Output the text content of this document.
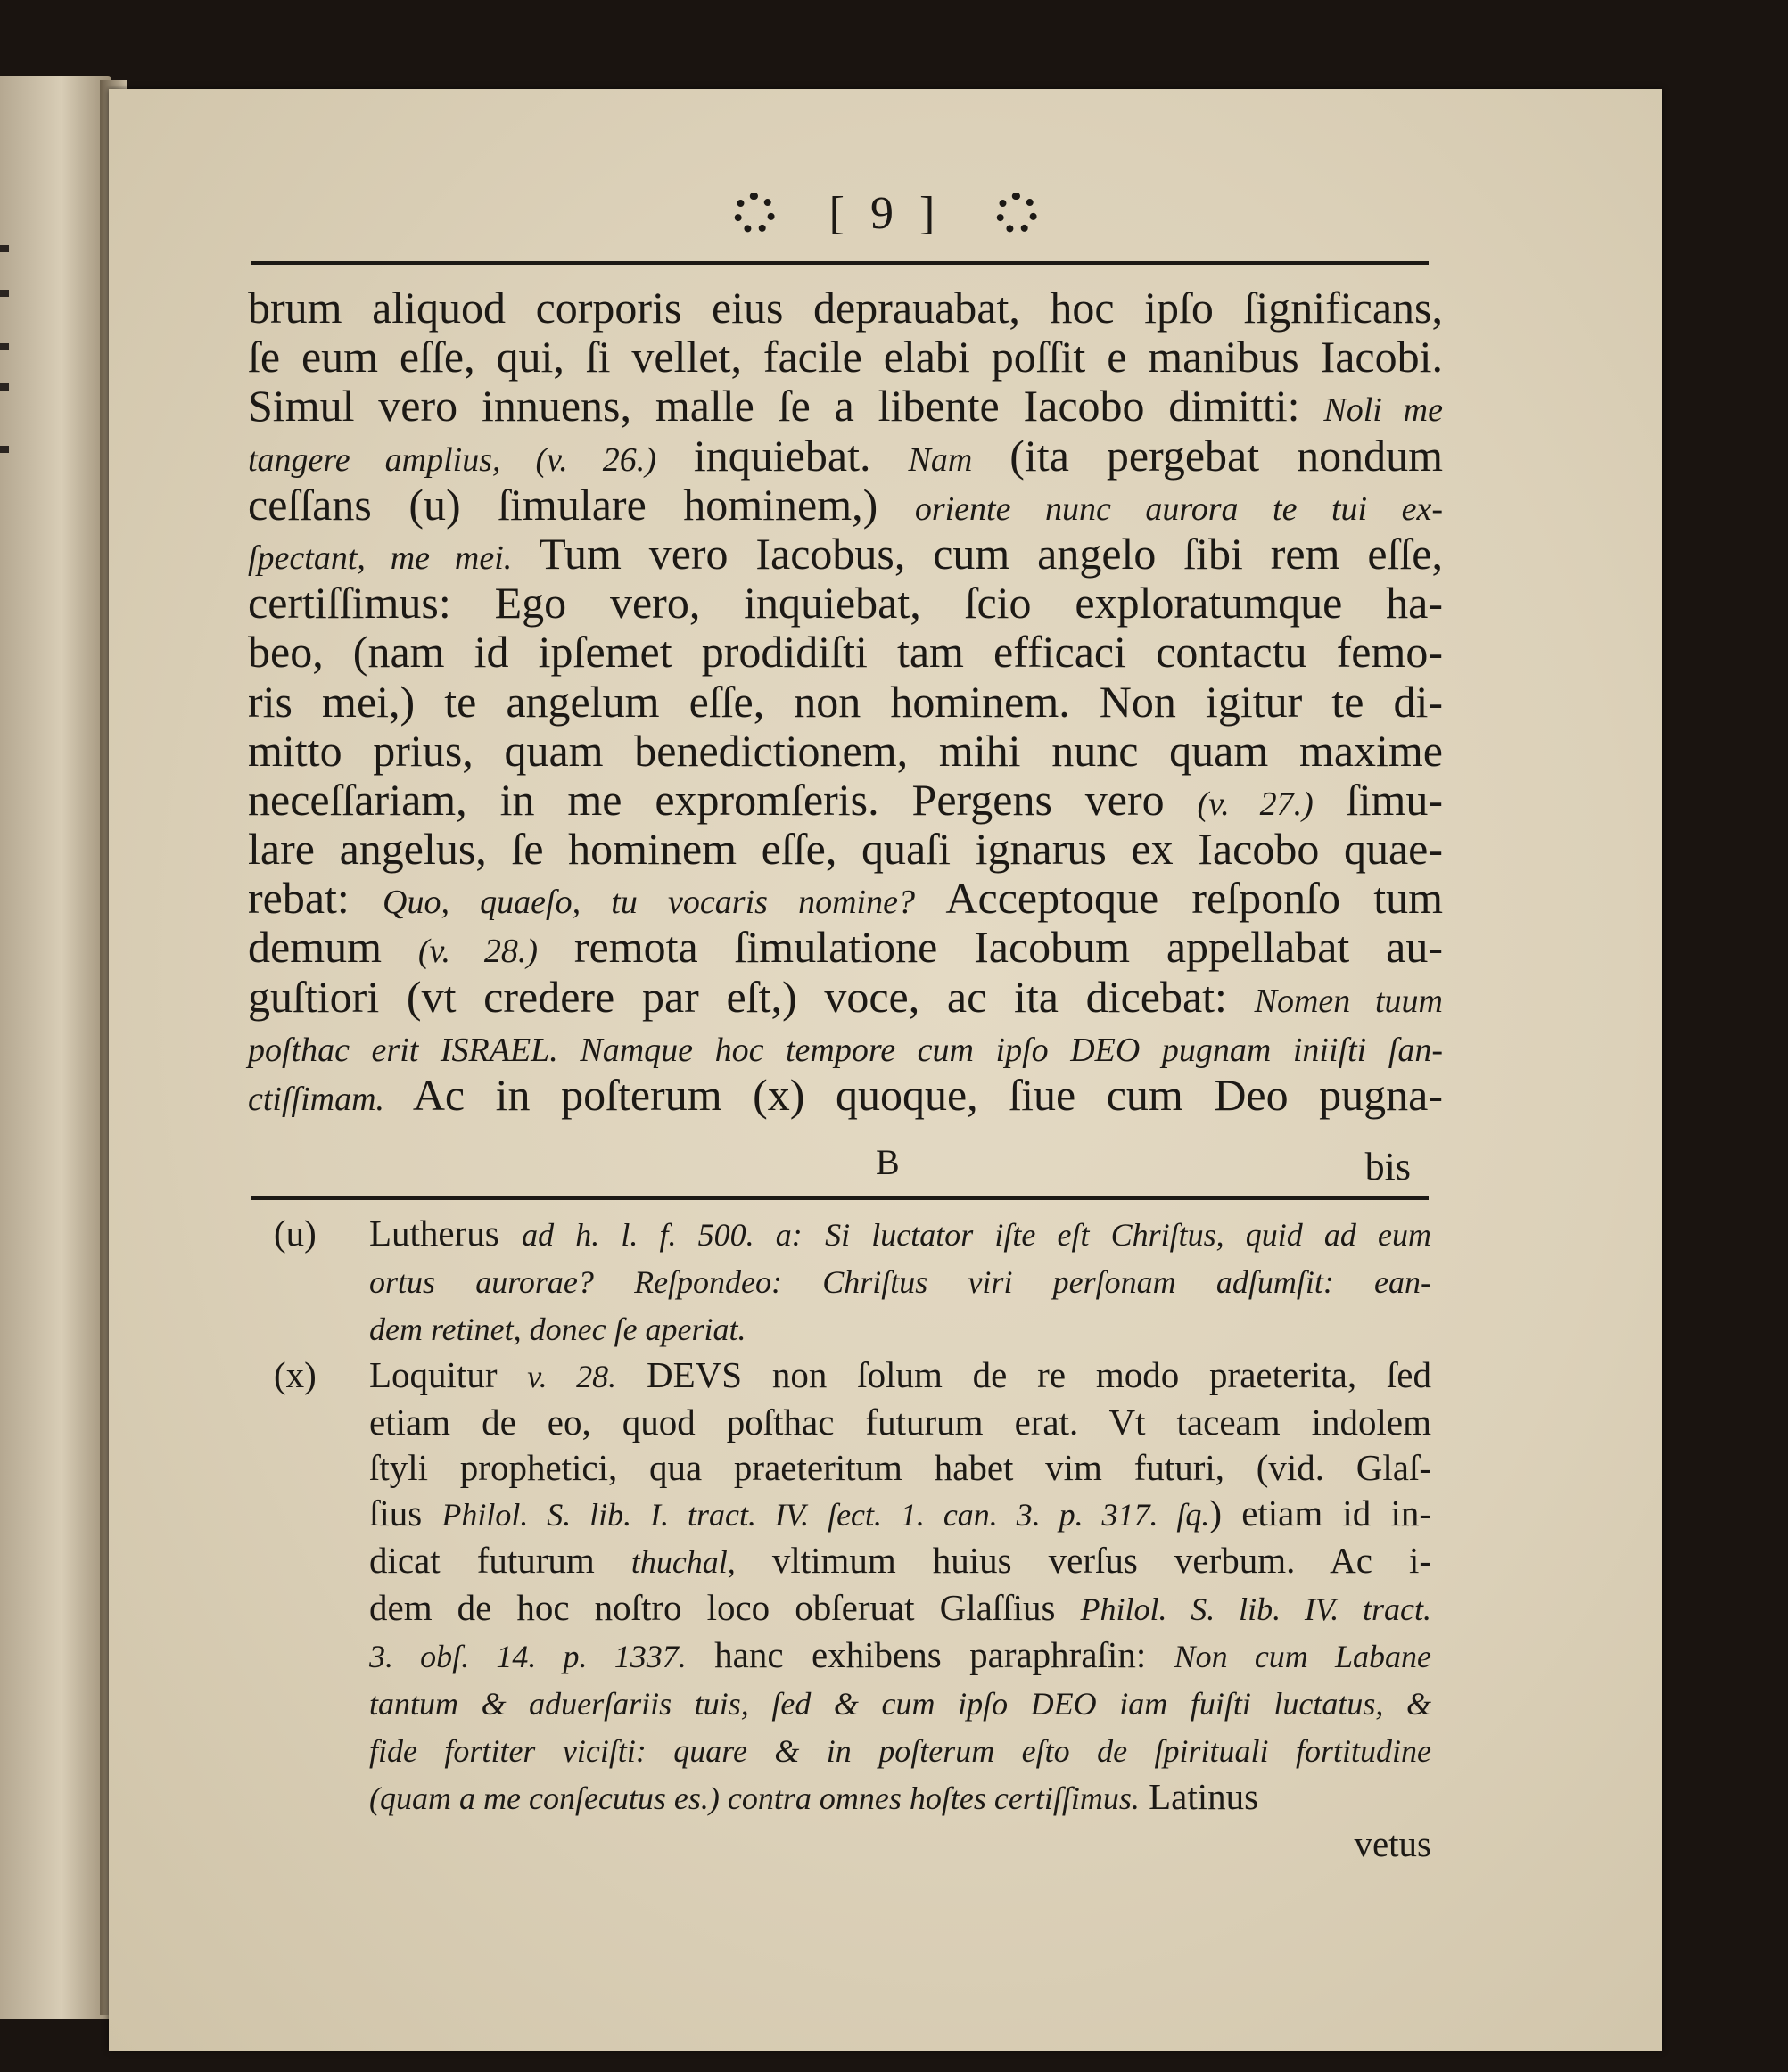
[ 9 ]
brum aliquod corporis eius deprauabat, hoc ipſo ſignificans,
ſe eum eſſe, qui, ſi vellet, facile elabi poſſit e manibus Iacobi.
Simul vero innuens, malle ſe a libente Iacobo dimitti: Noli me
tangere amplius, (v. 26.) inquiebat. Nam (ita pergebat nondum
ceſſans (u) ſimulare hominem,) oriente nunc aurora te tui ex-
ſpectant, me mei. Tum vero Iacobus, cum angelo ſibi rem eſſe,
certiſſimus: Ego vero, inquiebat, ſcio exploratumque ha-
beo, (nam id ipſemet prodidiſti tam efficaci contactu femo-
ris mei,) te angelum eſſe, non hominem. Non igitur te di-
mitto prius, quam benedictionem, mihi nunc quam maxime
neceſſariam, in me expromſeris. Pergens vero (v. 27.) ſimu-
lare angelus, ſe hominem eſſe, quaſi ignarus ex Iacobo quae-
rebat: Quo, quaeſo, tu vocaris nomine? Acceptoque reſponſo tum
demum (v. 28.) remota ſimulatione Iacobum appellabat au-
guſtiori (vt credere par eſt,) voce, ac ita dicebat: Nomen tuum
poſthac erit ISRAEL. Namque hoc tempore cum ipſo DEO pugnam iniiſti ſan-
ctiſſimam. Ac in poſterum (x) quoque, ſiue cum Deo pugna-
B	bis
(u) Lutherus ad h. l. f. 500. a: Si luctator iſte eſt Chriſtus, quid ad eum
ortus aurorae? Reſpondeo: Chriſtus viri perſonam adſumſit: ean-
dem retinet, donec ſe aperiat.
(x) Loquitur v. 28. DEVS non ſolum de re modo praeterita, ſed
etiam de eo, quod poſthac futurum erat. Vt taceam indolem
ſtyli prophetici, qua praeteritum habet vim futuri, (vid. Glaſ-
ſius Philol. S. lib. I. tract. IV. ſect. 1. can. 3. p. 317. ſq.) etiam id in-
dicat futurum thuchal, vltimum huius verſus verbum. Ac i-
dem de hoc noſtro loco obſeruat Glaſſius Philol. S. lib. IV. tract.
3. obſ. 14. p. 1337. hanc exhibens paraphraſin: Non cum Labane
tantum & aduerſariis tuis, ſed & cum ipſo DEO iam fuiſti luctatus, &
fide fortiter viciſti: quare & in poſterum eſto de ſpirituali fortitudine
(quam a me conſecutus es.) contra omnes hoſtes certiſſimus. Latinus
vetus
